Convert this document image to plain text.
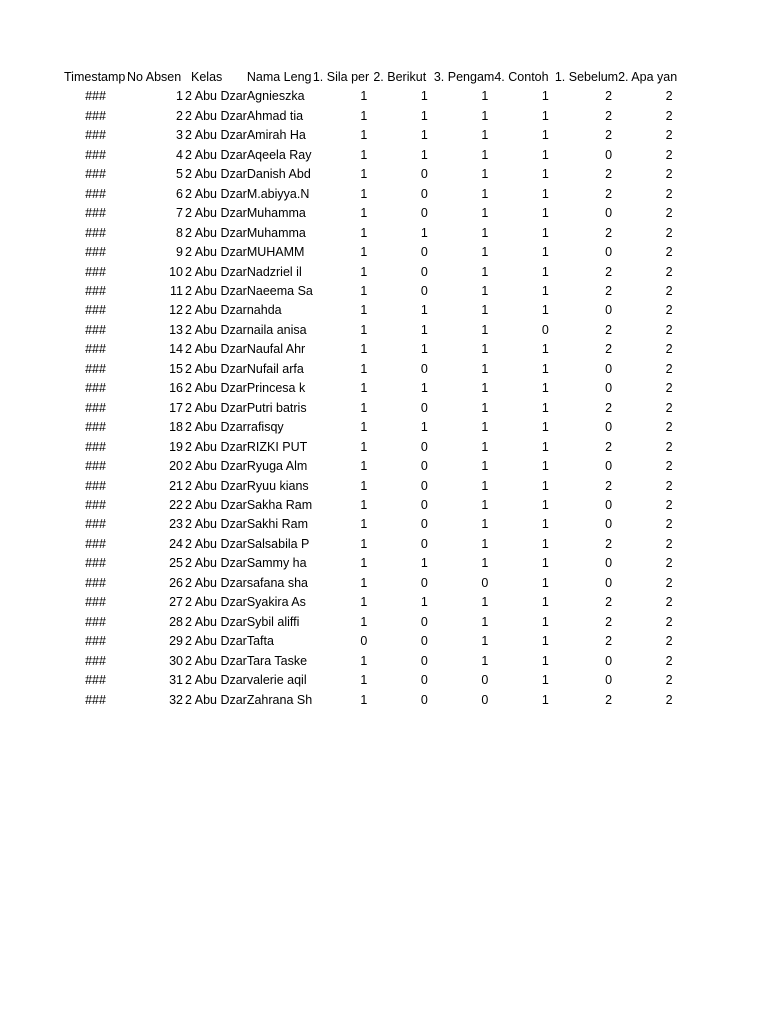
Timestamp	No Absen	Kelas	Nama Leng	1. Sila per	2. Berikut	3. Pengam	4. Contoh	1. Sebelum	2. Apa yan
###	1	2 Abu Dzar	Agnieszka	1	1	1	1	2	2
###	2	2 Abu Dzar	Ahmad tia	1	1	1	1	2	2
###	3	2 Abu Dzar	Amirah Ha	1	1	1	1	2	2
###	4	2 Abu Dzar	Aqeela Ray	1	1	1	1	0	2
###	5	2 Abu Dzar	Danish Abd	1	0	1	1	2	2
###	6	2 Abu Dzar	M.abiyya.N	1	0	1	1	2	2
###	7	2 Abu Dzar	Muhamma	1	0	1	1	0	2
###	8	2 Abu Dzar	Muhamma	1	1	1	1	2	2
###	9	2 Abu Dzar	MUHAMM	1	0	1	1	0	2
###	10	2 Abu Dzar	Nadzriel il	1	0	1	1	2	2
###	11	2 Abu Dzar	Naeema Sa	1	0	1	1	2	2
###	12	2 Abu Dzar	nahda	1	1	1	1	0	2
###	13	2 Abu Dzar	naila anisa	1	1	1	0	2	2
###	14	2 Abu Dzar	Naufal Ahr	1	1	1	1	2	2
###	15	2 Abu Dzar	Nufail arfa	1	0	1	1	0	2
###	16	2 Abu Dzar	Princesa k	1	1	1	1	0	2
###	17	2 Abu Dzar	Putri batris	1	0	1	1	2	2
###	18	2 Abu Dzar	rafisqy	1	1	1	1	0	2
###	19	2 Abu Dzar	RIZKI PUT	1	0	1	1	2	2
###	20	2 Abu Dzar	Ryuga Alm	1	0	1	1	0	2
###	21	2 Abu Dzar	Ryuu kians	1	0	1	1	2	2
###	22	2 Abu Dzar	Sakha Ram	1	0	1	1	0	2
###	23	2 Abu Dzar	Sakhi Ram	1	0	1	1	0	2
###	24	2 Abu Dzar	Salsabila P	1	0	1	1	2	2
###	25	2 Abu Dzar	Sammy ha	1	1	1	1	0	2
###	26	2 Abu Dzar	safana sha	1	0	0	1	0	2
###	27	2 Abu Dzar	Syakira As	1	1	1	1	2	2
###	28	2 Abu Dzar	Sybil aliffi	1	0	1	1	2	2
###	29	2 Abu Dzar	Tafta	0	0	1	1	2	2
###	30	2 Abu Dzar	Tara Taske	1	0	1	1	0	2
###	31	2 Abu Dzar	valerie aqil	1	0	0	1	0	2
###	32	2 Abu Dzar	Zahrana Sh	1	0	0	1	2	2
